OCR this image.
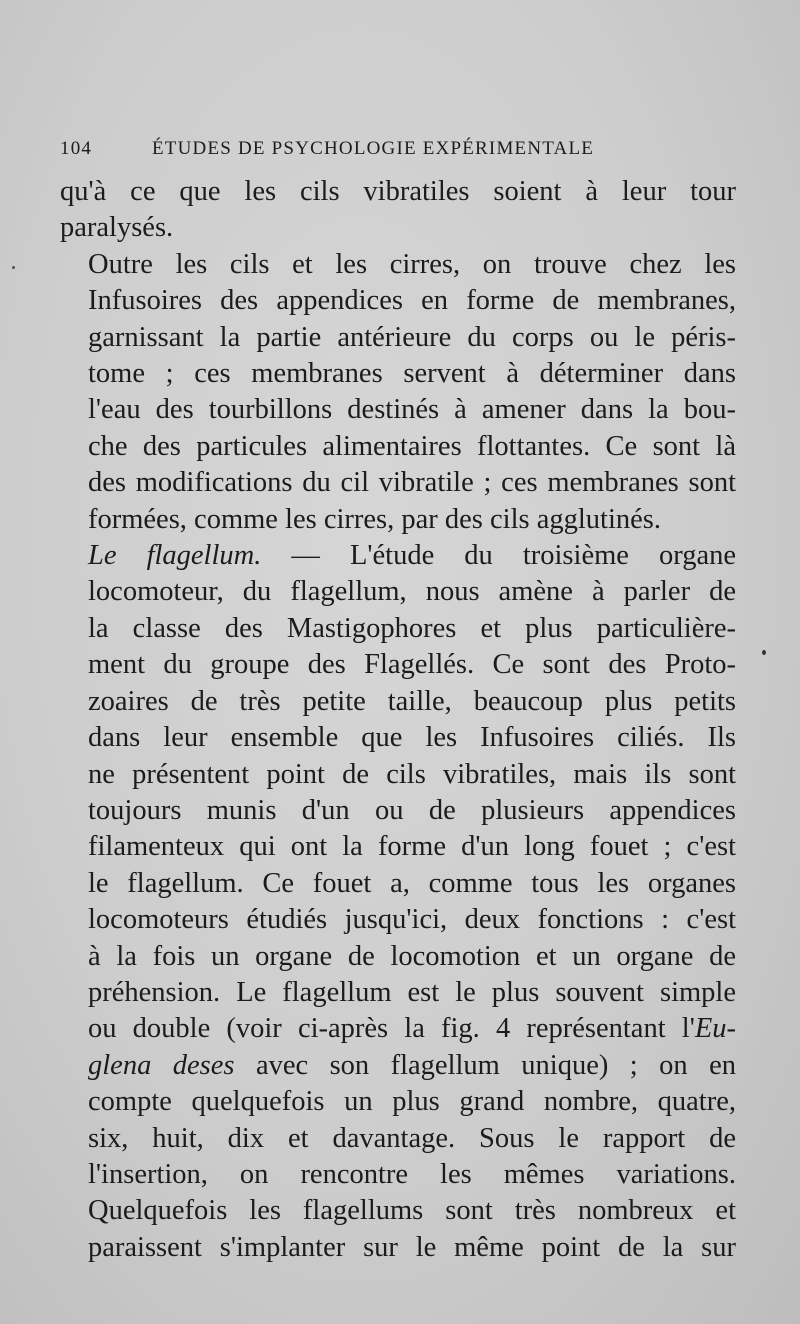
104	ÉTUDES DE PSYCHOLOGIE EXPÉRIMENTALE

qu'à ce que les cils vibratiles soient à leur tour
paralysés.

Outre les cils et les cirres, on trouve chez les
Infusoires des appendices en forme de membranes,
garnissant la partie antérieure du corps ou le péris-
tome ; ces membranes servent à déterminer dans
l'eau des tourbillons destinés à amener dans la bou-
che des particules alimentaires flottantes. Ce sont là
des modifications du cil vibratile ; ces membranes sont
formées, comme les cirres, par des cils agglutinés.

Le flagellum. — L'étude du troisième organe
locomoteur, du flagellum, nous amène à parler de
la classe des Mastigophores et plus particulière-
ment du groupe des Flagellés. Ce sont des Proto-
zoaires de très petite taille, beaucoup plus petits
dans leur ensemble que les Infusoires ciliés. Ils
ne présentent point de cils vibratiles, mais ils sont
toujours munis d'un ou de plusieurs appendices
filamenteux qui ont la forme d'un long fouet ; c'est
le flagellum. Ce fouet a, comme tous les organes
locomoteurs étudiés jusqu'ici, deux fonctions : c'est
à la fois un organe de locomotion et un organe de
préhension. Le flagellum est le plus souvent simple
ou double (voir ci-après la fig. 4 représentant l'Eu-
glena deses avec son flagellum unique) ; on en
compte quelquefois un plus grand nombre, quatre,
six, huit, dix et davantage. Sous le rapport de
l'insertion, on rencontre les mêmes variations.
Quelquefois les flagellums sont très nombreux et
paraissent s'implanter sur le même point de la sur
